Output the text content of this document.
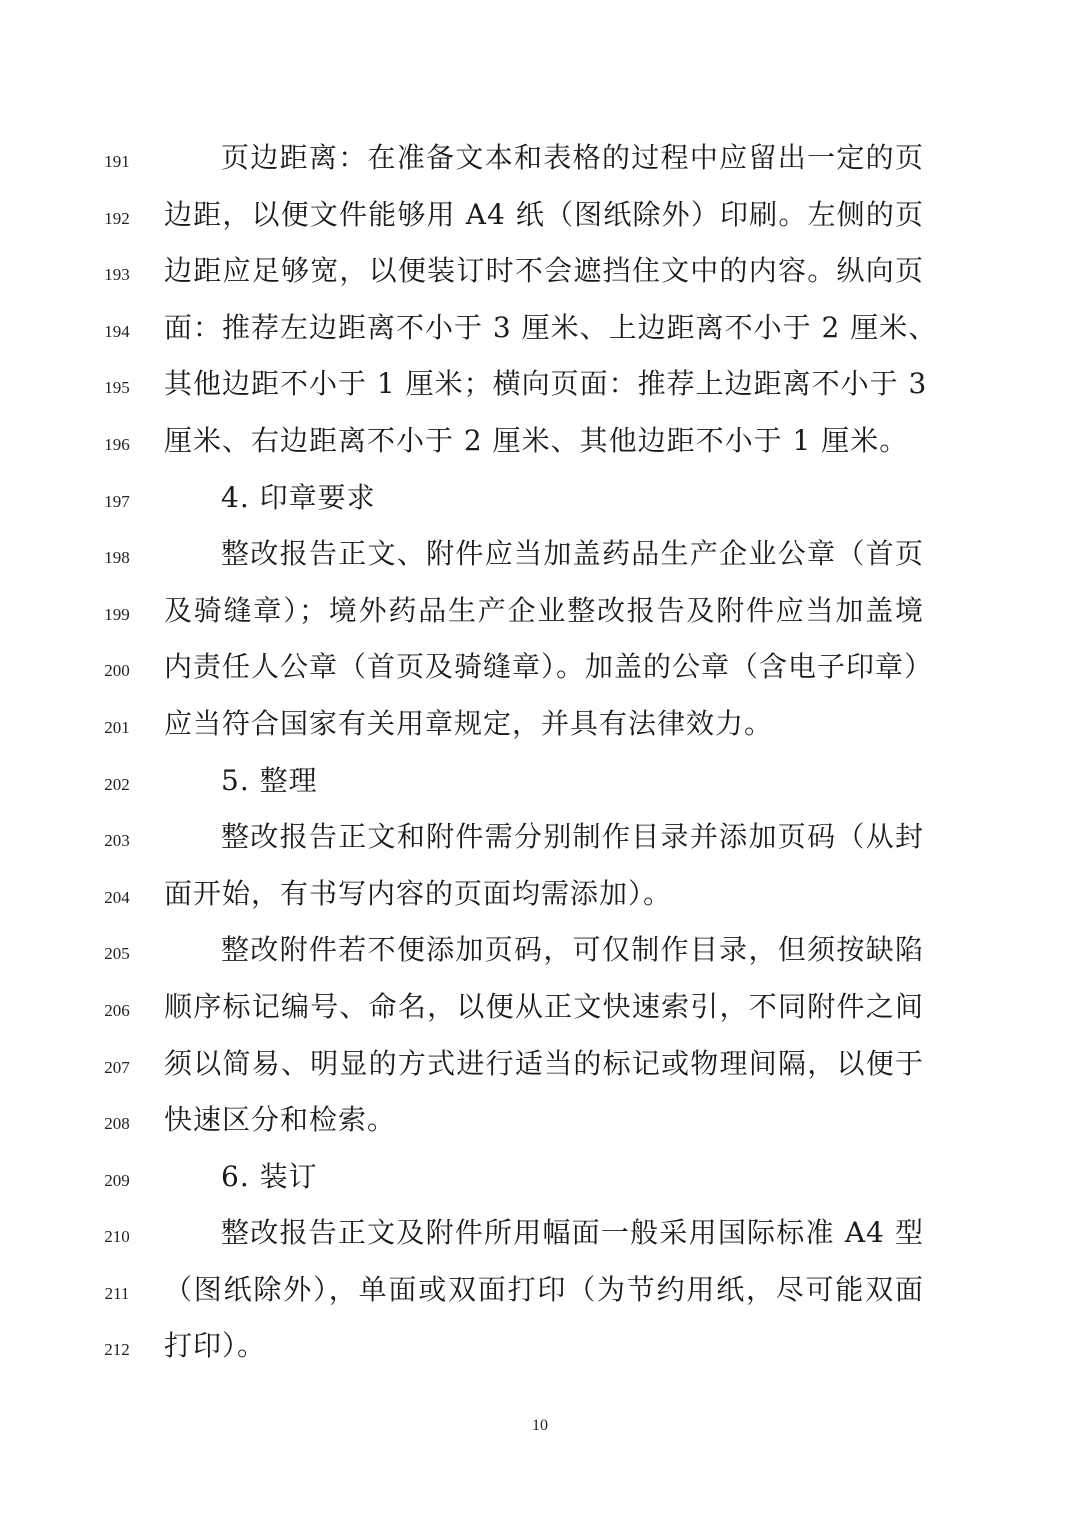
191	页边距离：在准备文本和表格的过程中应留出一定的页
192 边距，以便文件能够用 A4 纸（图纸除外）印刷。左侧的页
193 边距应足够宽，以便装订时不会遮挡住文中的内容。纵向页
194 面：推荐左边距离不小于 3 厘米、上边距离不小于 2 厘米、
195 其他边距不小于 1 厘米；横向页面：推荐上边距离不小于 3
196 厘米、右边距离不小于 2 厘米、其他边距不小于 1 厘米。
197	4. 印章要求
198	整改报告正文、附件应当加盖药品生产企业公章（首页
199 及骑缝章）；境外药品生产企业整改报告及附件应当加盖境
200 内责任人公章（首页及骑缝章）。加盖的公章（含电子印章）
201 应当符合国家有关用章规定，并具有法律效力。
202	5. 整理
203	整改报告正文和附件需分别制作目录并添加页码（从封
204 面开始，有书写内容的页面均需添加）。
205	整改附件若不便添加页码，可仅制作目录，但须按缺陷
206 顺序标记编号、命名，以便从正文快速索引，不同附件之间
207 须以简易、明显的方式进行适当的标记或物理间隔，以便于
208 快速区分和检索。
209	6. 装订
210	整改报告正文及附件所用幅面一般采用国际标准 A4 型
211 （图纸除外），单面或双面打印（为节约用纸，尽可能双面
212 打印）。
10
